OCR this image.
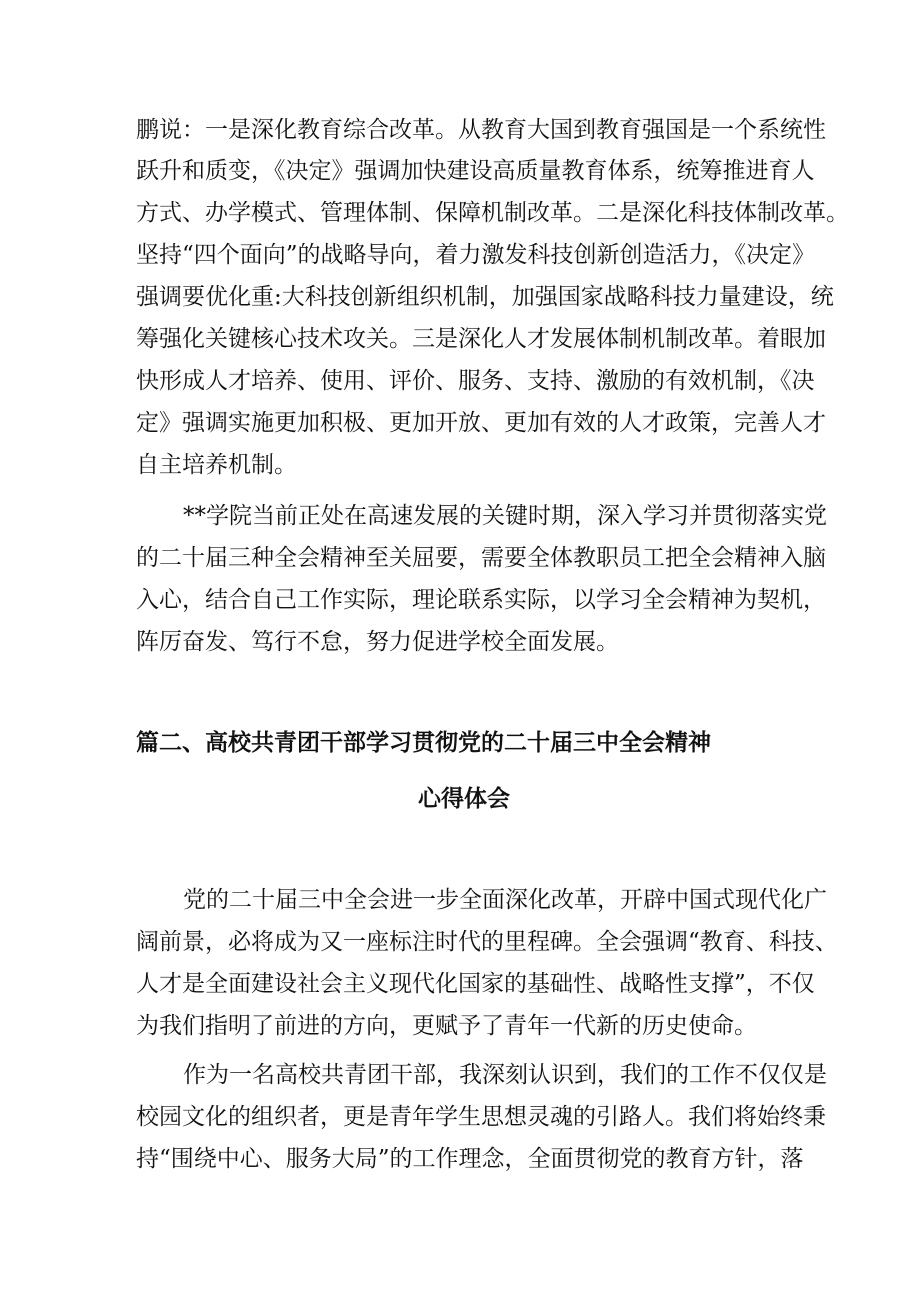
鹏说：一是深化教育综合改革。从教育大国到教育强国是一个系统性
跃升和质变，《决定》强调加快建设高质量教育体系，统筹推进育人
方式、办学模式、管理体制、保障机制改革。二是深化科技体制改革。
坚持“四个面向”的战略导向，着力激发科技创新创造活力，《决定》
强调要优化重:大科技创新组织机制，加强国家战略科技力量建设，统
筹强化关键核心技术攻关。三是深化人才发展体制机制改革。着眼加
快形成人才培养、使用、评价、服务、支持、激励的有效机制，《决
定》强调实施更加积极、更加开放、更加有效的人才政策，完善人才
自主培养机制。
**学院当前正处在高速发展的关键时期，深入学习并贯彻落实党
的二十届三种全会精神至关屈要，需要全体教职员工把全会精神入脑
入心，结合自己工作实际，理论联系实际，以学习全会精神为契机，
阵厉奋发、笃行不怠，努力促进学校全面发展。
篇二、高校共青团干部学习贯彻党的二十届三中全会精神
心得体会
党的二十届三中全会进一步全面深化改革，开辟中国式现代化广
阔前景，必将成为又一座标注时代的里程碑。全会强调“教育、科技、
人才是全面建设社会主义现代化国家的基础性、战略性支撑”，不仅
为我们指明了前进的方向，更赋予了青年一代新的历史使命。
作为一名高校共青团干部，我深刻认识到，我们的工作不仅仅是
校园文化的组织者，更是青年学生思想灵魂的引路人。我们将始终秉
持“围绕中心、服务大局”的工作理念，全面贯彻党的教育方针，落
